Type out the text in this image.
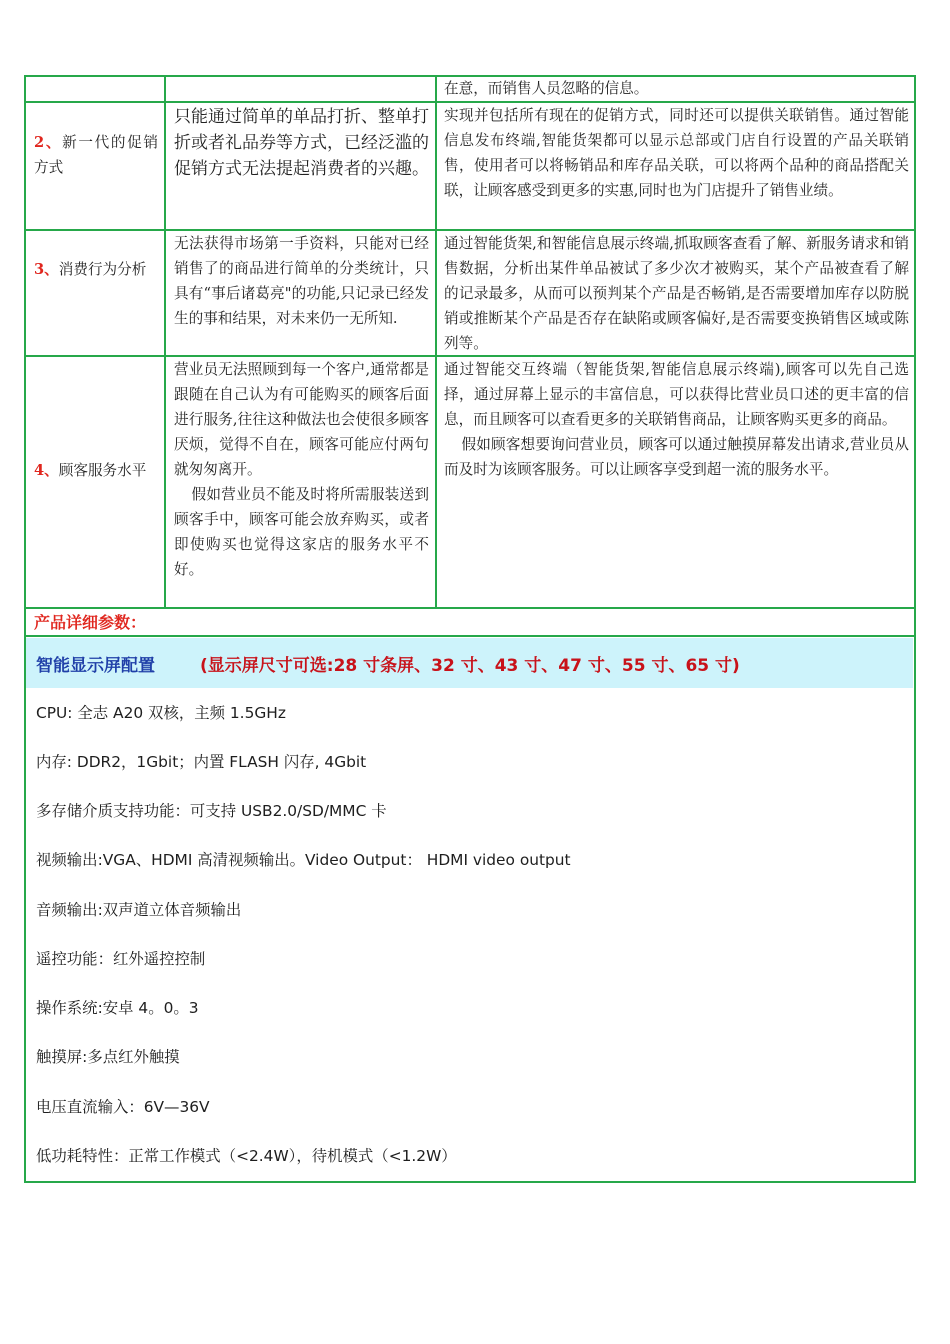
在意，而销售人员忽略的信息。

2、新一代的促销方式

只能通过简单的单品打折、整单打折或者礼品券等方式，已经泛滥的促销方式无法提起消费者的兴趣。

实现并包括所有现在的促销方式，同时还可以提供关联销售。通过智能信息发布终端,智能货架都可以显示总部或门店自行设置的产品关联销售，使用者可以将畅销品和库存品关联，可以将两个品种的商品搭配关联，让顾客感受到更多的实惠,同时也为门店提升了销售业绩。

3、消费行为分析

无法获得市场第一手资料，只能对已经销售了的商品进行简单的分类统计，只具有“事后诸葛亮"的功能,只记录已经发生的事和结果，对未来仍一无所知.

通过智能货架,和智能信息展示终端,抓取顾客查看了解、新服务请求和销售数据，分析出某件单品被试了多少次才被购买，某个产品被查看了解的记录最多，从而可以预判某个产品是否畅销,是否需要增加库存以防脱销或推断某个产品是否存在缺陷或顾客偏好,是否需要变换销售区域或陈列等。

4、顾客服务水平

营业员无法照顾到每一个客户,通常都是跟随在自己认为有可能购买的顾客后面进行服务,往往这种做法也会使很多顾客厌烦，觉得不自在，顾客可能应付两句就匆匆离开。

假如营业员不能及时将所需服装送到顾客手中，顾客可能会放弃购买，或者即使购买也觉得这家店的服务水平不好。

通过智能交互终端（智能货架,智能信息展示终端),顾客可以先自己选择，通过屏幕上显示的丰富信息，可以获得比营业员口述的更丰富的信息，而且顾客可以查看更多的关联销售商品，让顾客购买更多的商品。

假如顾客想要询问营业员，顾客可以通过触摸屏幕发出请求,营业员从而及时为该顾客服务。可以让顾客享受到超一流的服务水平。

产品详细参数：
智能显示屏配置	(显示屏尺寸可选:28 寸条屏、32 寸、43 寸、47 寸、55 寸、65 寸)
CPU: 全志 A20 双核，主频 1.5GHz
内存: DDR2，1Gbit；内置 FLASH 闪存, 4Gbit
多存储介质支持功能：可支持 USB2.0/SD/MMC 卡
视频输出:VGA、HDMI 高清视频输出。Video Output： HDMI video output
音频输出:双声道立体音频输出
遥控功能：红外遥控控制
操作系统:安卓 4。0。3
触摸屏:多点红外触摸
电压直流输入：6V—36V
低功耗特性：正常工作模式（<2.4W），待机模式（<1.2W）
